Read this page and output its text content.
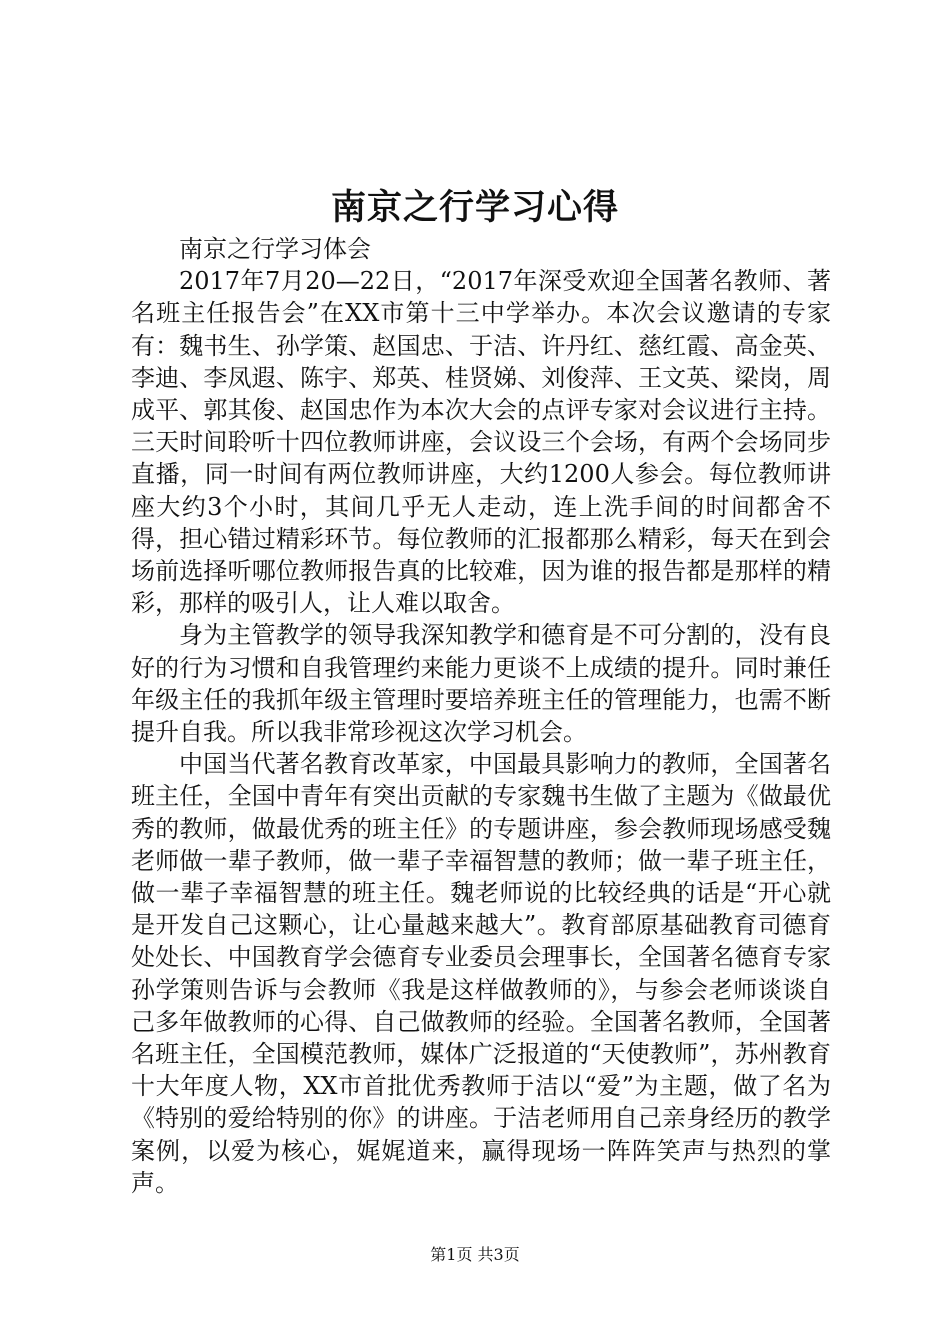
南京之行学习心得

南京之行学习体会

2017年7月20—22日，“2017年深受欢迎全国著名教师、著名班主任报告会”在XX市第十三中学举办。本次会议邀请的专家有：魏书生、孙学策、赵国忠、于洁、许丹红、慈红霞、高金英、李迪、李凤遐、陈宇、郑英、桂贤娣、刘俊萍、王文英、梁岗，周成平、郭其俊、赵国忠作为本次大会的点评专家对会议进行主持。三天时间聆听十四位教师讲座，会议设三个会场，有两个会场同步直播，同一时间有两位教师讲座，大约1200人参会。每位教师讲座大约3个小时，其间几乎无人走动，连上洗手间的时间都舍不得，担心错过精彩环节。每位教师的汇报都那么精彩，每天在到会场前选择听哪位教师报告真的比较难，因为谁的报告都是那样的精彩，那样的吸引人，让人难以取舍。

身为主管教学的领导我深知教学和德育是不可分割的，没有良好的行为习惯和自我管理约来能力更谈不上成绩的提升。同时兼任年级主任的我抓年级主管理时要培养班主任的管理能力，也需不断提升自我。所以我非常珍视这次学习机会。

中国当代著名教育改革家，中国最具影响力的教师，全国著名班主任，全国中青年有突出贡献的专家魏书生做了主题为《做最优秀的教师，做最优秀的班主任》的专题讲座，参会教师现场感受魏老师做一辈子教师，做一辈子幸福智慧的教师；做一辈子班主任，做一辈子幸福智慧的班主任。魏老师说的比较经典的话是“开心就是开发自己这颗心，让心量越来越大”。教育部原基础教育司德育处处长、中国教育学会德育专业委员会理事长，全国著名德育专家孙学策则告诉与会教师《我是这样做教师的》，与参会老师谈谈自己多年做教师的心得、自己做教师的经验。全国著名教师，全国著名班主任，全国模范教师，媒体广泛报道的“天使教师”，苏州教育十大年度人物，XX市首批优秀教师于洁以“爱”为主题，做了名为《特别的爱给特别的你》的讲座。于洁老师用自己亲身经历的教学案例，以爱为核心，娓娓道来，赢得现场一阵阵笑声与热烈的掌声。

第1页 共3页
